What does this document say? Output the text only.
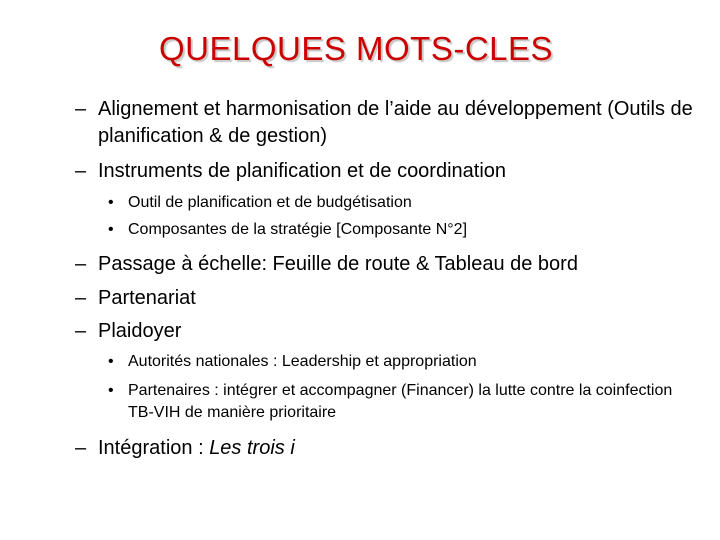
QUELQUES MOTS-CLES
– Alignement et harmonisation de l’aide au développement (Outils de planification & de gestion)
– Instruments de planification et de coordination
• Outil de planification et de budgétisation
• Composantes de la stratégie [Composante N°2]
– Passage à échelle: Feuille de route & Tableau de bord
– Partenariat
– Plaidoyer
• Autorités nationales : Leadership et appropriation
• Partenaires : intégrer et accompagner (Financer) la lutte contre la coinfection TB-VIH de manière prioritaire
– Intégration : Les trois i
